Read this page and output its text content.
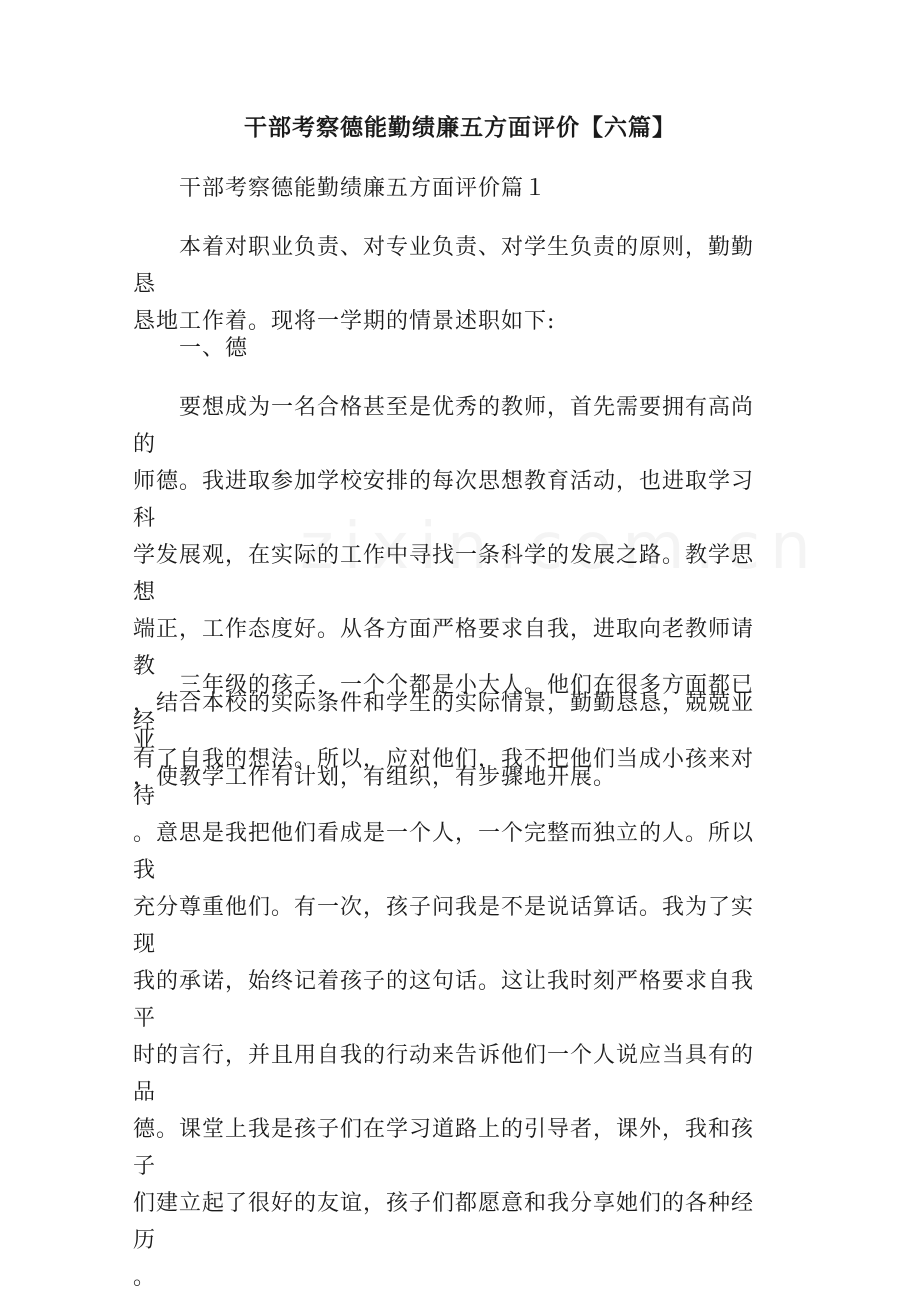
干部考察德能勤绩廉五方面评价【六篇】

干部考察德能勤绩廉五方面评价篇１

本着对职业负责、对专业负责、对学生负责的原则，勤勤恳
恳地工作着。现将一学期的情景述职如下:

一、德

要想成为一名合格甚至是优秀的教师，首先需要拥有高尚的
师德。我进取参加学校安排的每次思想教育活动，也进取学习科
学发展观，在实际的工作中寻找一条科学的发展之路。教学思想
端正，工作态度好。从各方面严格要求自我，进取向老教师请教
，结合本校的实际条件和学生的实际情景，勤勤恳恳，兢兢业业
，使教学工作有计划，有组织，有步骤地开展。

三年级的孩子，一个个都是小大人。他们在很多方面都已经
有了自我的想法。所以，应对他们，我不把他们当成小孩来对待
。意思是我把他们看成是一个人，一个完整而独立的人。所以我
充分尊重他们。有一次，孩子问我是不是说话算话。我为了实现
我的承诺，始终记着孩子的这句话。这让我时刻严格要求自我平
时的言行，并且用自我的行动来告诉他们一个人说应当具有的品
德。课堂上我是孩子们在学习道路上的引导者，课外，我和孩子
们建立起了很好的友谊，孩子们都愿意和我分享她们的各种经历
。
